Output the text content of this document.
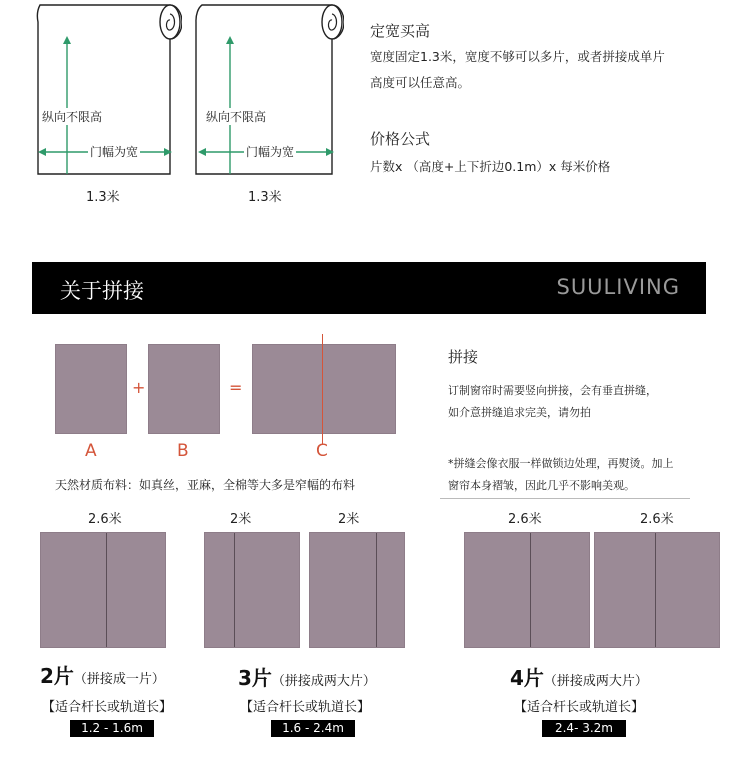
纵向不限高
门幅为宽
1.3米
纵向不限高
门幅为宽
1.3米
定宽买高
宽度固定1.3米，宽度不够可以多片，或者拼接成单片
高度可以任意高。
价格公式
片数x （高度+上下折边0.1m）x 每米价格
关于拼接	SUULIVING
+	=
A	B	C
天然材质布料：如真丝，亚麻，全棉等大多是窄幅的布料
拼接
订制窗帘时需要竖向拼接，会有垂直拼缝，
如介意拼缝追求完美，请勿拍
*拼缝会像衣服一样做锁边处理，再熨烫。加上
窗帘本身褶皱，因此几乎不影响美观。
2.6米
2片（拼接成一片）
【适合杆长或轨道长】
1.2 - 1.6m
2米	2米
3片（拼接成两大片）
【适合杆长或轨道长】
1.6 - 2.4m
2.6米	2.6米
4片（拼接成两大片）
【适合杆长或轨道长】
2.4- 3.2m
